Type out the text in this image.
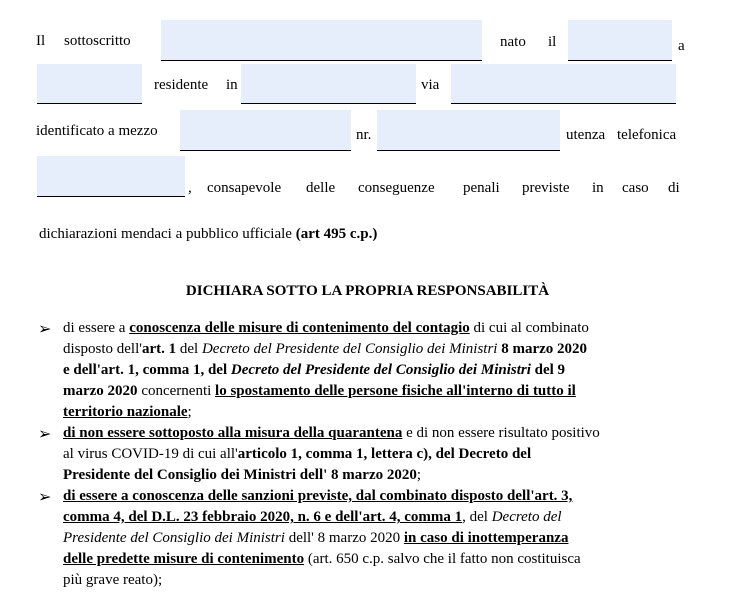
Il sottoscritto	nato il	a
residente in	via
identificato a mezzo	nr.	utenza telefonica
, consapevole delle conseguenze penali previste in caso di
dichiarazioni mendaci a pubblico ufficiale (art 495 c.p.)
DICHIARA SOTTO LA PROPRIA RESPONSABILITÀ
➢ di essere a conoscenza delle misure di contenimento del contagio di cui al combinato
disposto dell'art. 1 del Decreto del Presidente del Consiglio dei Ministri 8 marzo 2020
e dell'art. 1, comma 1, del Decreto del Presidente del Consiglio dei Ministri del 9
marzo 2020 concernenti lo spostamento delle persone fisiche all'interno di tutto il
territorio nazionale;
➢ di non essere sottoposto alla misura della quarantena e di non essere risultato positivo
al virus COVID-19 di cui all'articolo 1, comma 1, lettera c), del Decreto del
Presidente del Consiglio dei Ministri dell' 8 marzo 2020;
➢ di essere a conoscenza delle sanzioni previste, dal combinato disposto dell'art. 3,
comma 4, del D.L. 23 febbraio 2020, n. 6 e dell'art. 4, comma 1, del Decreto del
Presidente del Consiglio dei Ministri dell' 8 marzo 2020 in caso di inottemperanza
delle predette misure di contenimento (art. 650 c.p. salvo che il fatto non costituisca
più grave reato);
